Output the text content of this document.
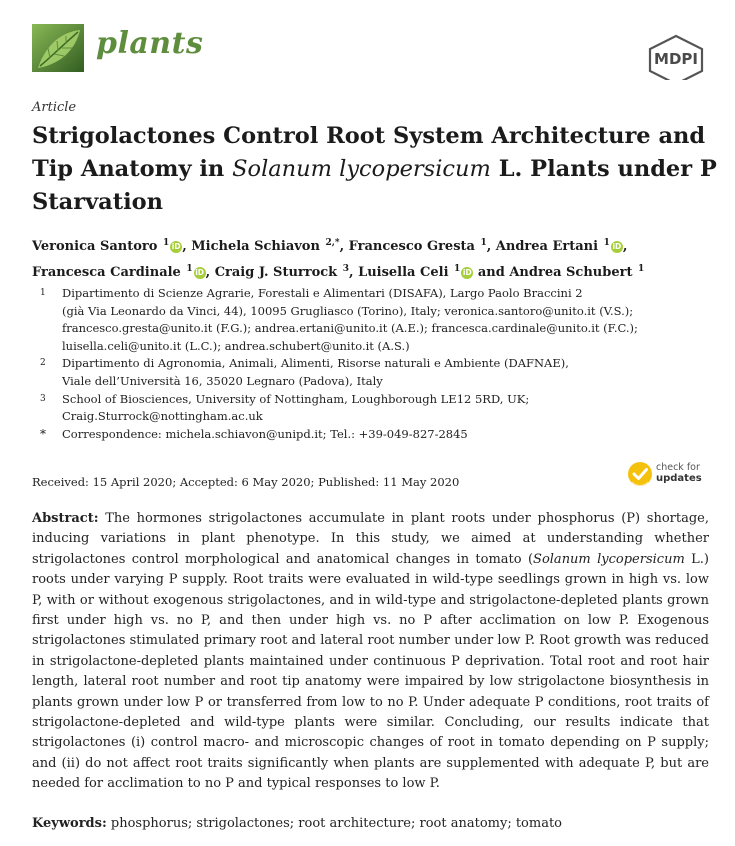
plants	MDPI
Article
Strigolactones Control Root System Architecture and Tip Anatomy in Solanum lycopersicum L. Plants under P Starvation
Veronica Santoro $^1$ iD , Michela Schiavon $^{2,*}$, Francesco Gresta $^1$, Andrea Ertani $^1$ iD ,
Francesca Cardinale $^1$ iD , Craig J. Sturrock $^3$, Luisella Celi $^1$ iD and Andrea Schubert $^1$
1	Dipartimento di Scienze Agrarie, Forestali e Alimentari (DISAFA), Largo Paolo Braccini 2
(già Via Leonardo da Vinci, 44), 10095 Grugliasco (Torino), Italy; veronica.santoro@unito.it (V.S.);
francesco.gresta@unito.it (F.G.); andrea.ertani@unito.it (A.E.); francesca.cardinale@unito.it (F.C.);
luisella.celi@unito.it (L.C.); andrea.schubert@unito.it (A.S.)
2	Dipartimento di Agronomia, Animali, Alimenti, Risorse naturali e Ambiente (DAFNAE),
Viale dell’Università 16, 35020 Legnaro (Padova), Italy
3	School of Biosciences, University of Nottingham, Loughborough LE12 5RD, UK;
Craig.Sturrock@nottingham.ac.uk
*	Correspondence: michela.schiavon@unipd.it; Tel.: +39-049-827-2845
Received: 15 April 2020; Accepted: 6 May 2020; Published: 11 May 2020
check for
updates

Abstract: The hormones strigolactones accumulate in plant roots under phosphorus (P) shortage, inducing variations in plant phenotype. In this study, we aimed at understanding whether strigolactones control morphological and anatomical changes in tomato (Solanum lycopersicum L.) roots under varying P supply. Root traits were evaluated in wild-type seedlings grown in high vs. low P, with or without exogenous strigolactones, and in wild-type and strigolactone-depleted plants grown first under high vs. no P, and then under high vs. no P after acclimation on low P. Exogenous strigolactones stimulated primary root and lateral root number under low P. Root growth was reduced in strigolactone-depleted plants maintained under continuous P deprivation. Total root and root hair length, lateral root number and root tip anatomy were impaired by low strigolactone biosynthesis in plants grown under low P or transferred from low to no P. Under adequate P conditions, root traits of strigolactone-depleted and wild-type plants were similar. Concluding, our results indicate that strigolactones (i) control macro- and microscopic changes of root in tomato depending on P supply; and (ii) do not affect root traits significantly when plants are supplemented with adequate P, but are needed for acclimation to no P and typical responses to low P.

Keywords: phosphorus; strigolactones; root architecture; root anatomy; tomato
